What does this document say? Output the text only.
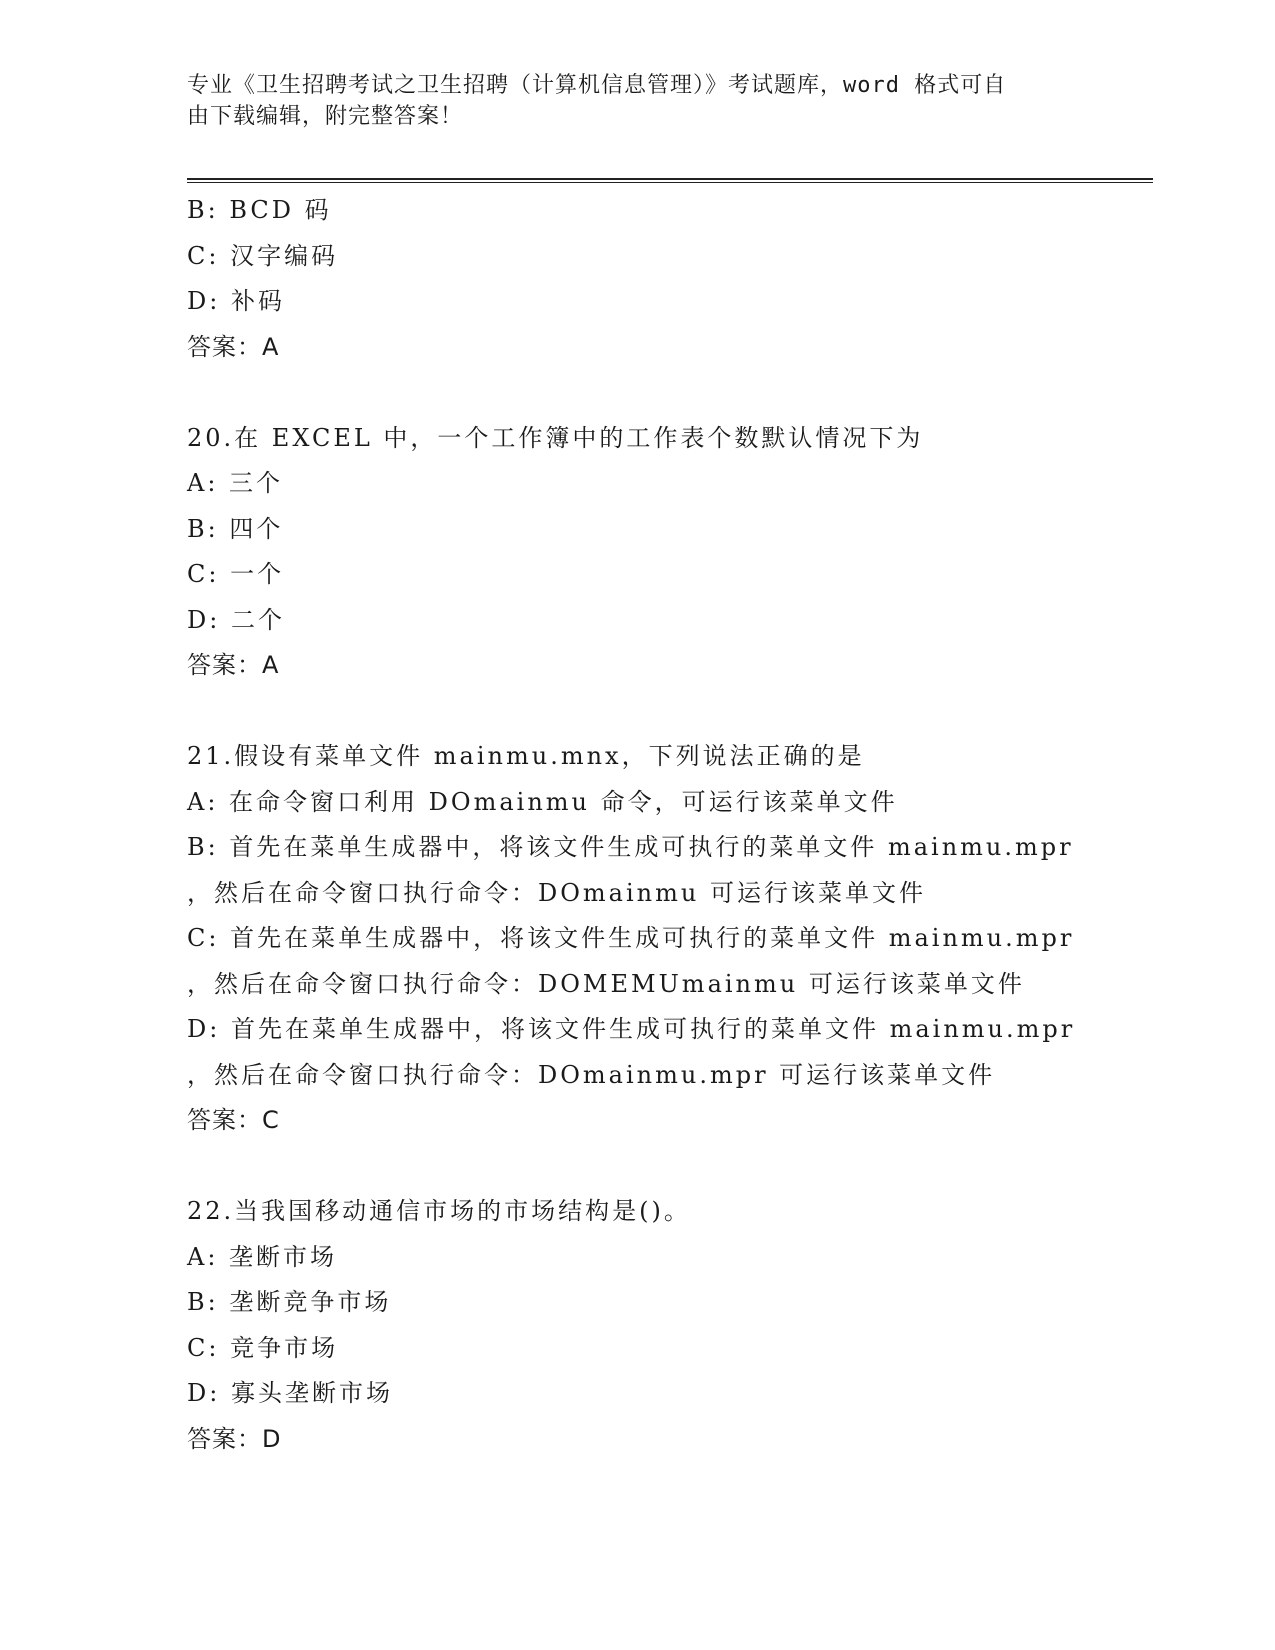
专业《卫生招聘考试之卫生招聘（计算机信息管理）》考试题库，word 格式可自
由下载编辑，附完整答案！
B: BCD 码
C: 汉字编码
D: 补码
答案：A
20.在 EXCEL 中，一个工作簿中的工作表个数默认情况下为
A: 三个
B: 四个
C: 一个
D: 二个
答案：A
21.假设有菜单文件 mainmu.mnx，下列说法正确的是
A: 在命令窗口利用 DOmainmu 命令，可运行该菜单文件
B: 首先在菜单生成器中，将该文件生成可执行的菜单文件 mainmu.mpr
，然后在命令窗口执行命令：DOmainmu 可运行该菜单文件
C: 首先在菜单生成器中，将该文件生成可执行的菜单文件 mainmu.mpr
，然后在命令窗口执行命令：DOMEMUmainmu 可运行该菜单文件
D: 首先在菜单生成器中，将该文件生成可执行的菜单文件 mainmu.mpr
，然后在命令窗口执行命令：DOmainmu.mpr 可运行该菜单文件
答案：C
22.当我国移动通信市场的市场结构是()。
A: 垄断市场
B: 垄断竞争市场
C: 竞争市场
D: 寡头垄断市场
答案：D
